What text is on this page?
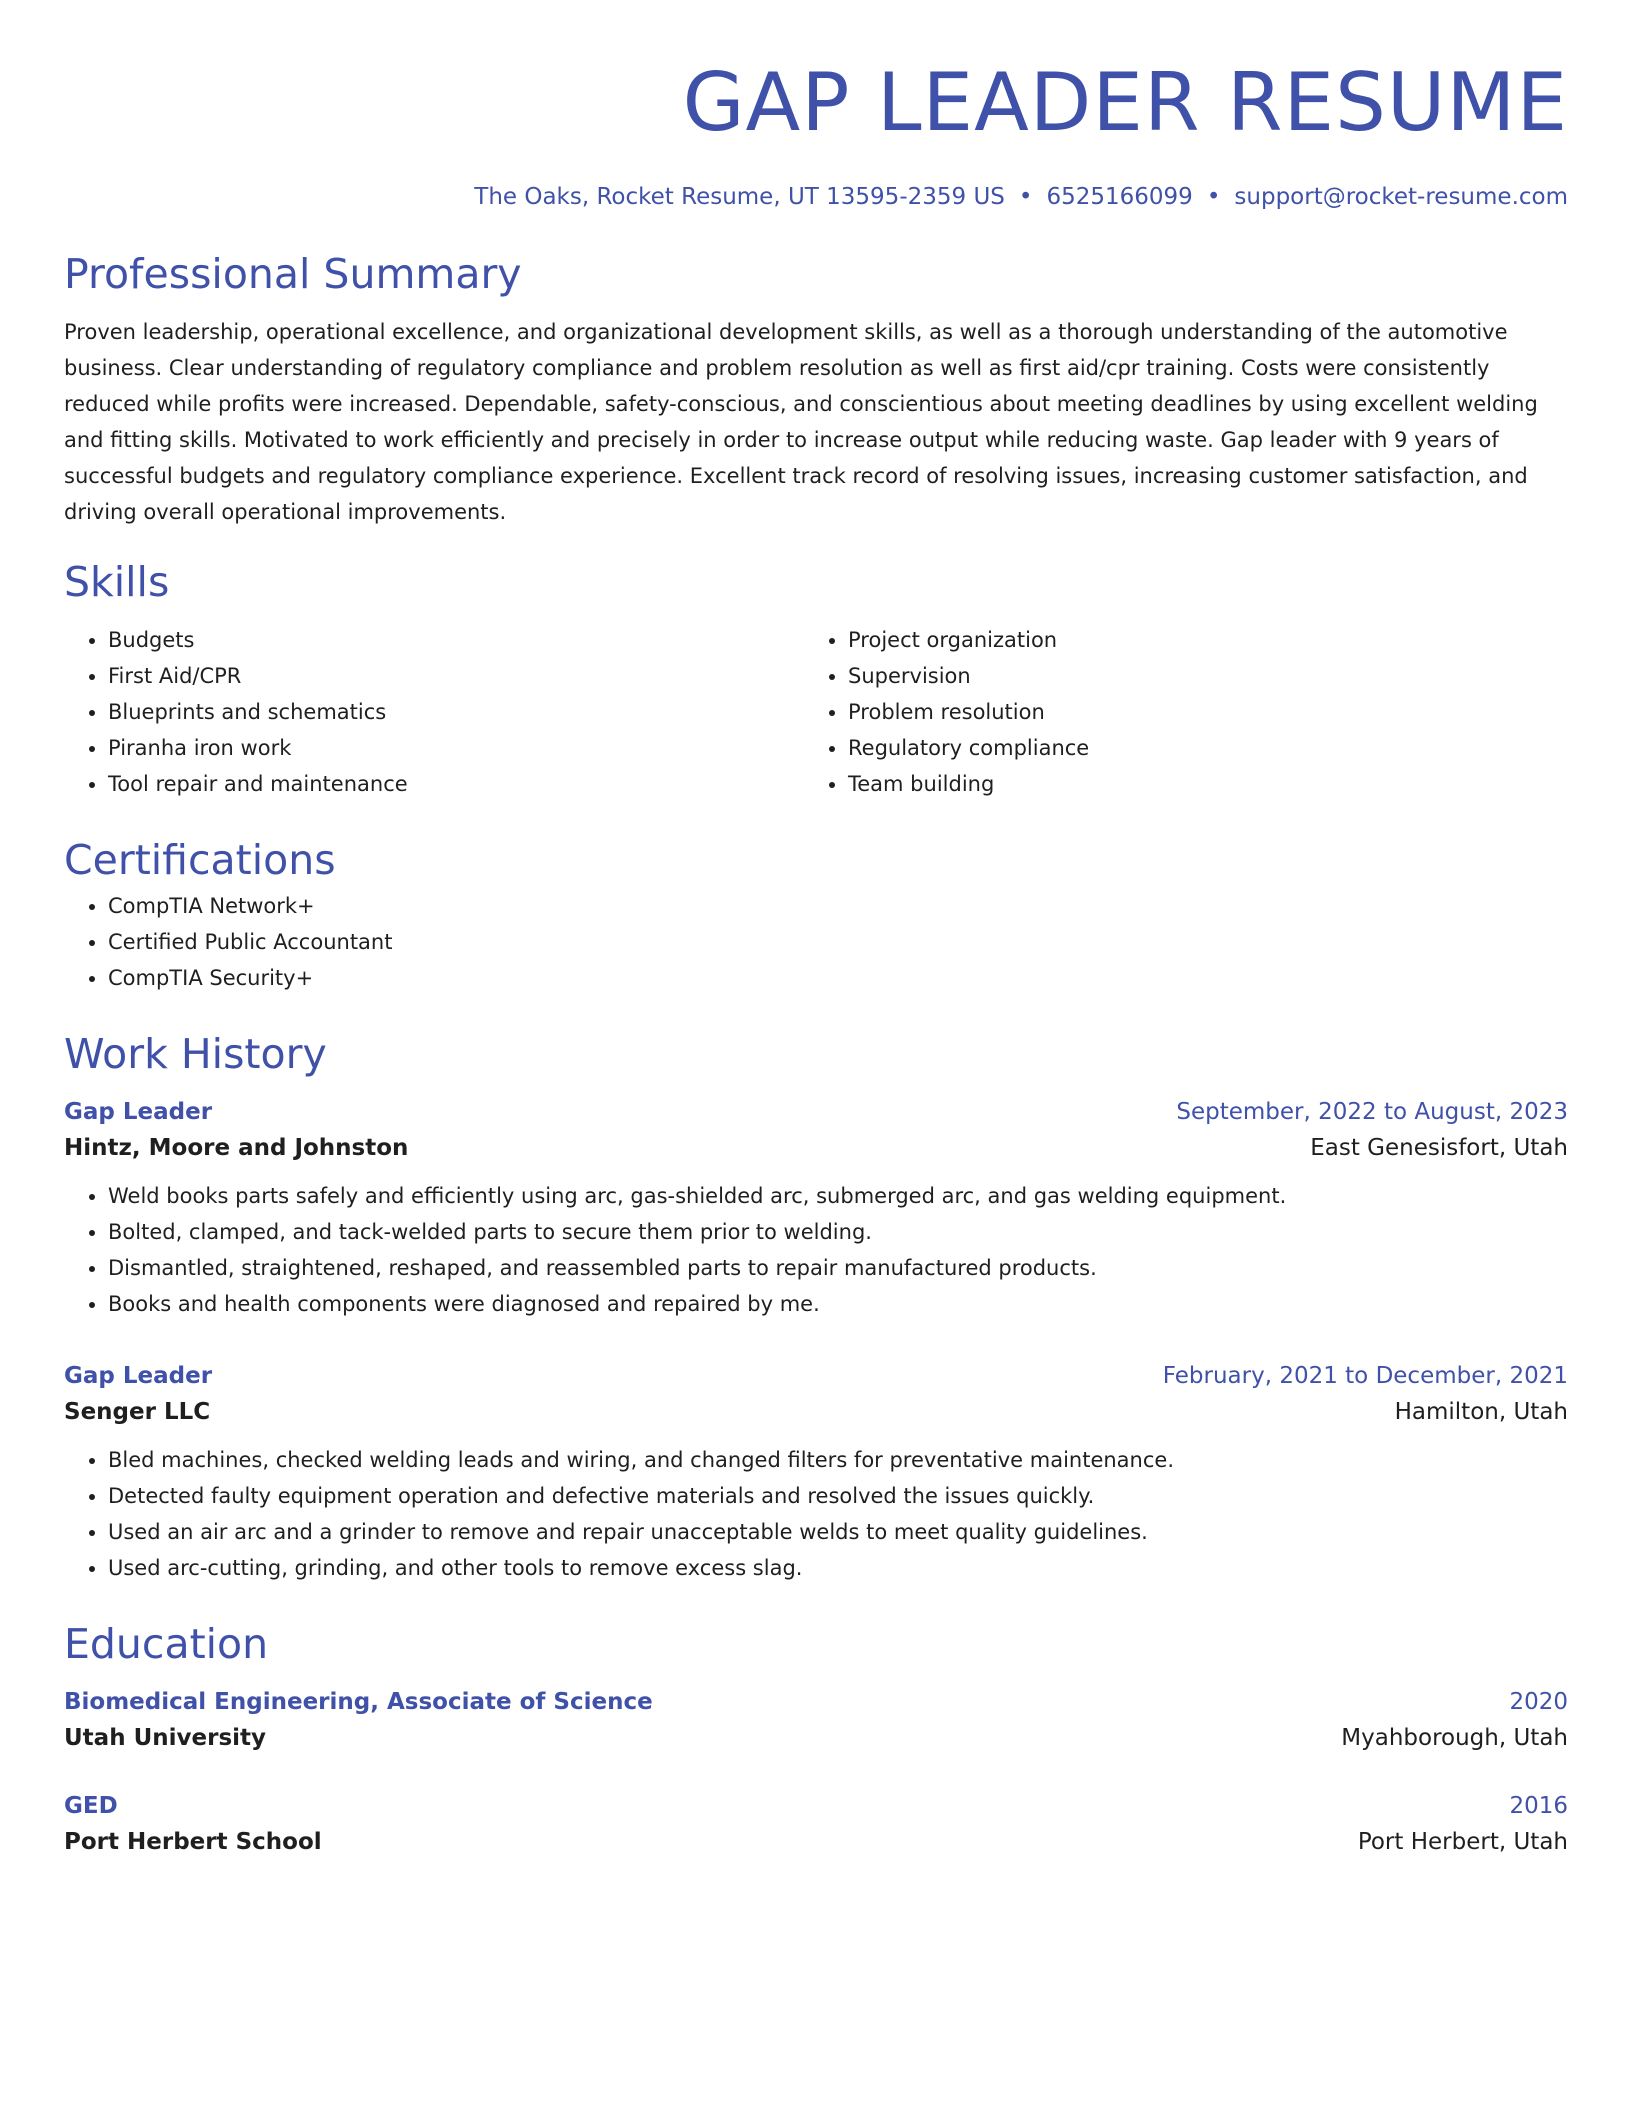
GAP LEADER RESUME
The Oaks, Rocket Resume, UT 13595-2359 US • 6525166099 • support@rocket-resume.com
Professional Summary
Proven leadership, operational excellence, and organizational development skills, as well as a thorough understanding of the automotive business. Clear understanding of regulatory compliance and problem resolution as well as first aid/cpr training. Costs were consistently reduced while profits were increased. Dependable, safety-conscious, and conscientious about meeting deadlines by using excellent welding and fitting skills. Motivated to work efficiently and precisely in order to increase output while reducing waste. Gap leader with 9 years of successful budgets and regulatory compliance experience. Excellent track record of resolving issues, increasing customer satisfaction, and driving overall operational improvements.
Skills
• Budgets
• First Aid/CPR
• Blueprints and schematics
• Piranha iron work
• Tool repair and maintenance
• Project organization
• Supervision
• Problem resolution
• Regulatory compliance
• Team building
Certifications
• CompTIA Network+
• Certified Public Accountant
• CompTIA Security+
Work History
Gap Leader	September, 2022 to August, 2023
Hintz, Moore and Johnston	East Genesisfort, Utah
• Weld books parts safely and efficiently using arc, gas-shielded arc, submerged arc, and gas welding equipment.
• Bolted, clamped, and tack-welded parts to secure them prior to welding.
• Dismantled, straightened, reshaped, and reassembled parts to repair manufactured products.
• Books and health components were diagnosed and repaired by me.
Gap Leader	February, 2021 to December, 2021
Senger LLC	Hamilton, Utah
• Bled machines, checked welding leads and wiring, and changed filters for preventative maintenance.
• Detected faulty equipment operation and defective materials and resolved the issues quickly.
• Used an air arc and a grinder to remove and repair unacceptable welds to meet quality guidelines.
• Used arc-cutting, grinding, and other tools to remove excess slag.
Education
Biomedical Engineering, Associate of Science	2020
Utah University	Myahborough, Utah
GED	2016
Port Herbert School	Port Herbert, Utah
